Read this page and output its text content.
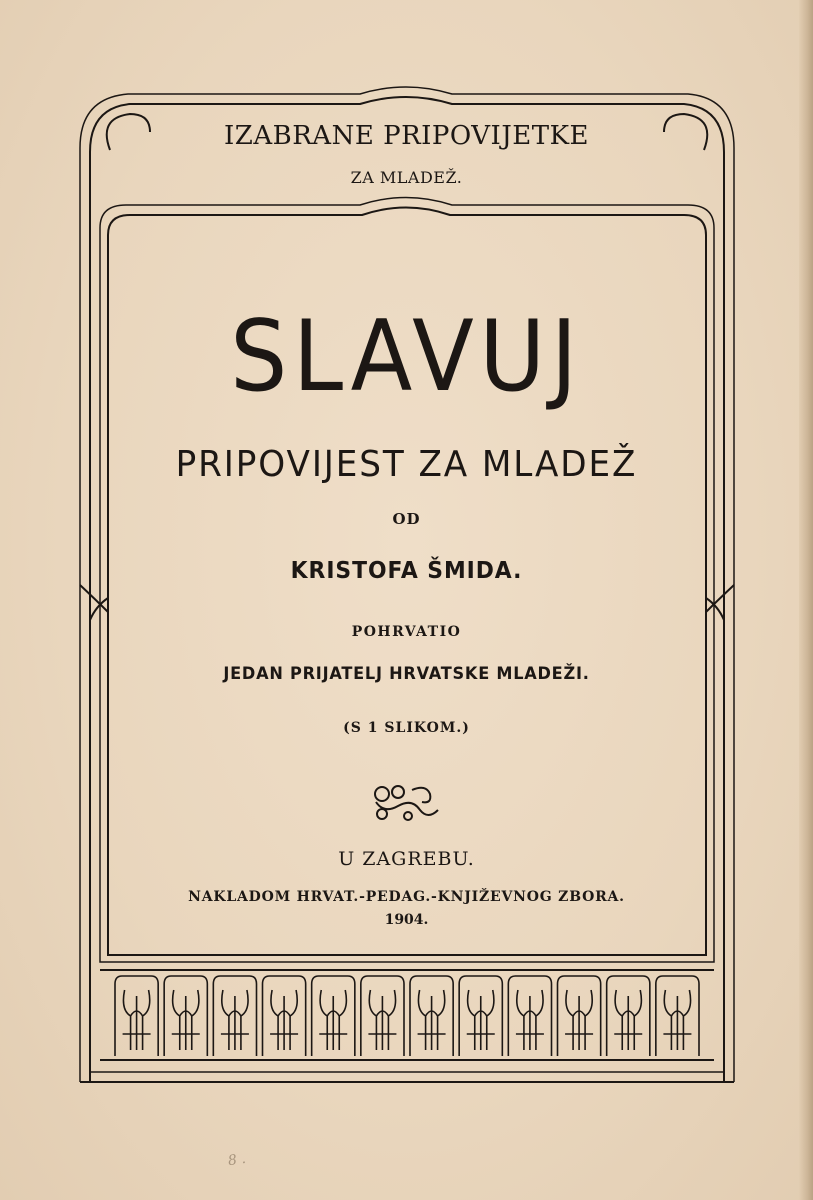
IZABRANE PRIPOVIJETKE
ZA MLADEŽ.
SLAVUJ
PRIPOVIJEST ZA MLADEŽ
OD
KRISTOFA ŠMIDA.
POHRVATIO
JEDAN PRIJATELJ HRVATSKE MLADEŽI.
(S 1 SLIKOM.)
U ZAGREBU.
NAKLADOM HRVAT.-PEDAG.-KNJIŽEVNOG ZBORA.
1904.
8 .
